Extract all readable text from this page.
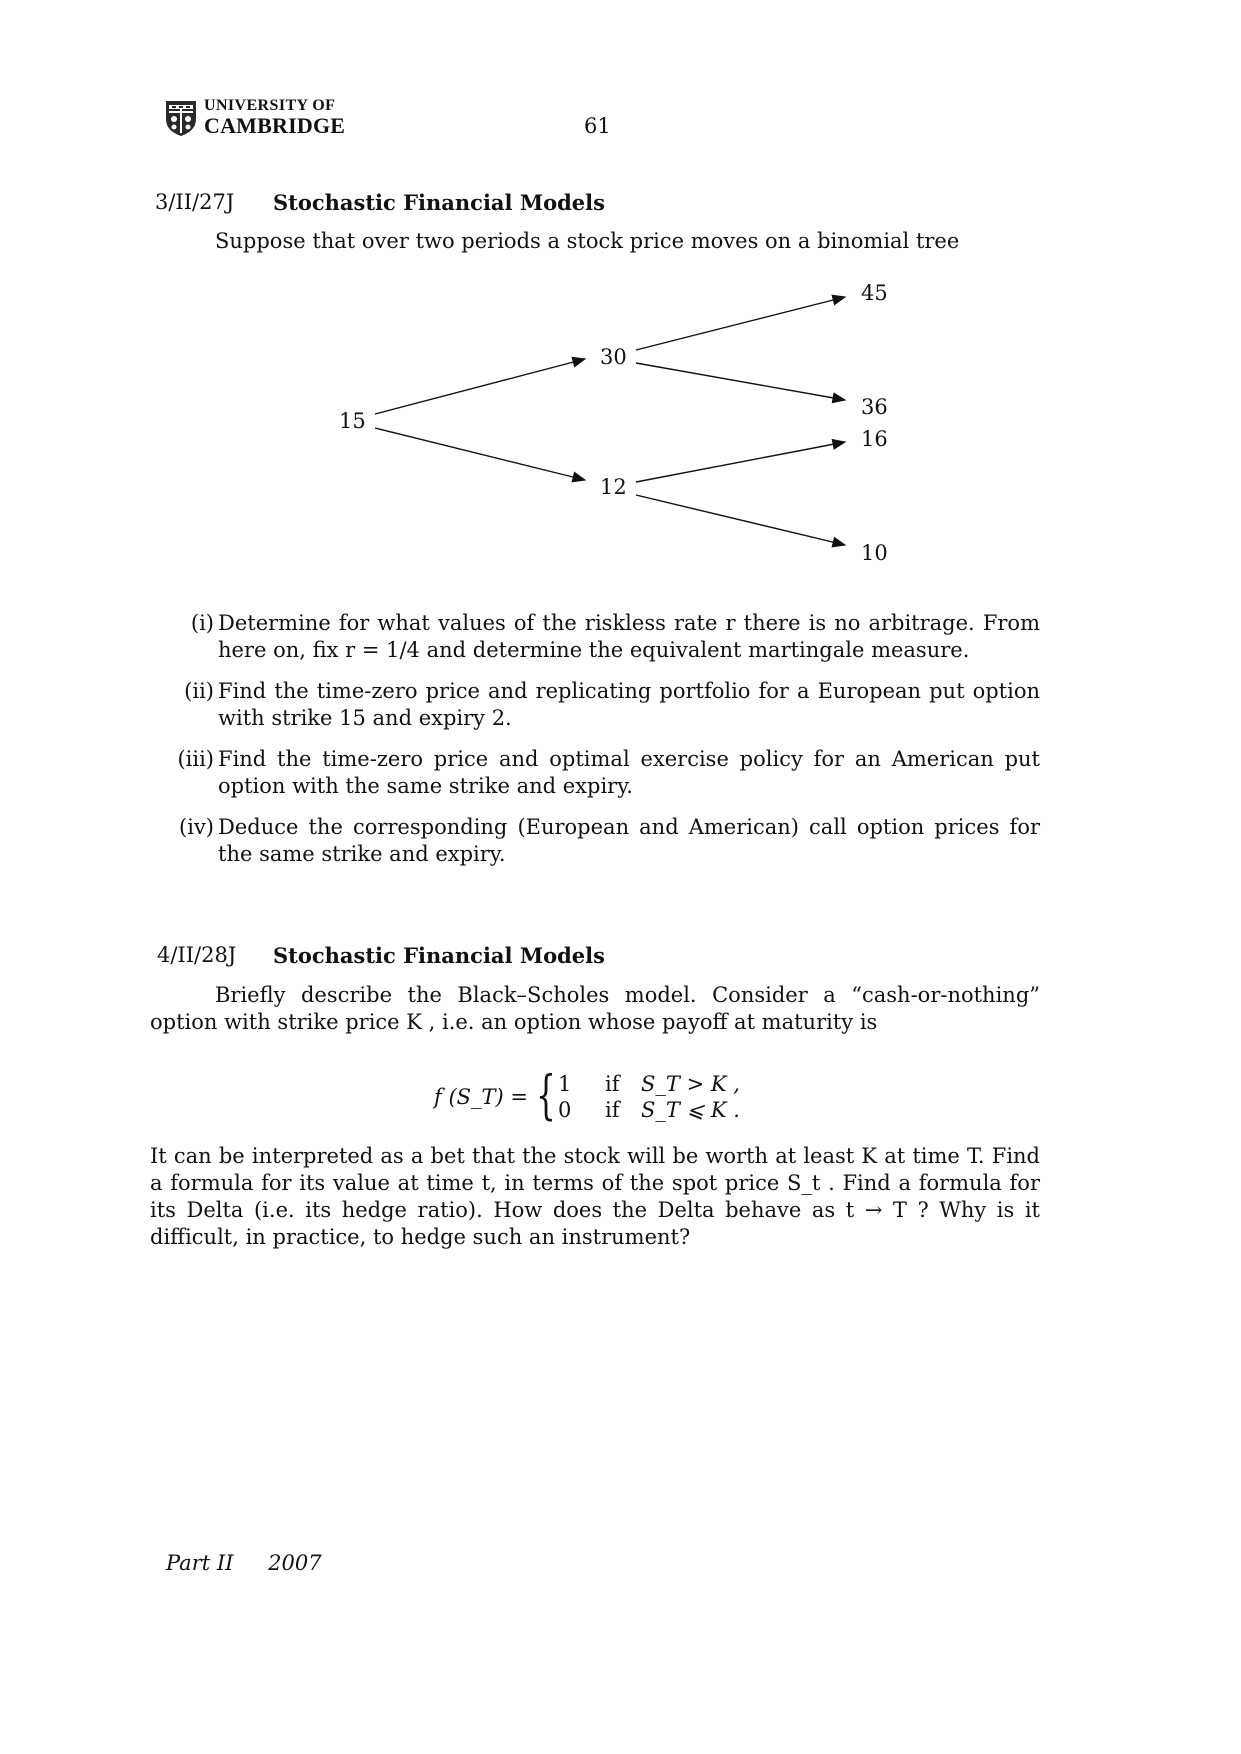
UNIVERSITY OF
CAMBRIDGE	61
3/II/27J Stochastic Financial Models
Suppose that over two periods a stock price moves on a binomial tree
15
30
12
45
36
16
10
(i) Determine for what values of the riskless rate r there is no arbitrage. From here on, fix r = 1/4 and determine the equivalent martingale measure.
(ii) Find the time-zero price and replicating portfolio for a European put option with strike 15 and expiry 2.
(iii) Find the time-zero price and optimal exercise policy for an American put option with the same strike and expiry.
(iv) Deduce the corresponding (European and American) call option prices for the same strike and expiry.
4/II/28J Stochastic Financial Models
Briefly describe the Black–Scholes model. Consider a “cash-or-nothing” option with strike price K , i.e. an option whose payoff at maturity is
f (S_T) = { 1 if S_T > K ,
0 if S_T ⩽ K .
It can be interpreted as a bet that the stock will be worth at least K at time T. Find a formula for its value at time t, in terms of the spot price S_t . Find a formula for its Delta (i.e. its hedge ratio). How does the Delta behave as t → T ? Why is it difficult, in practice, to hedge such an instrument?
Part II 2007
